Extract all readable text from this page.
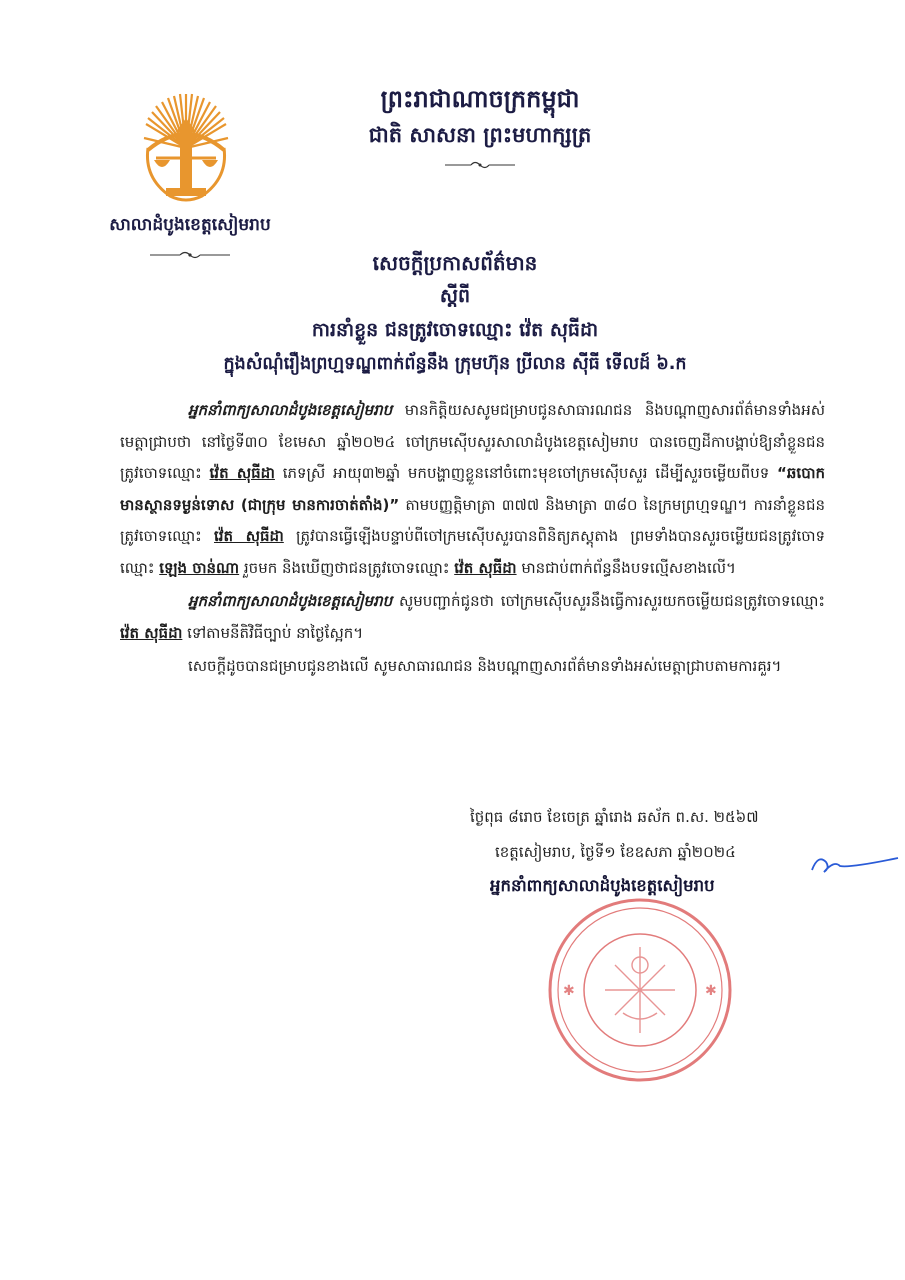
សាលាដំបូងខេត្តសៀមរាប
ព្រះរាជាណាចក្រកម្ពុជា
ជាតិ សាសនា ព្រះមហាក្សត្រ
សេចក្ដីប្រកាសព័ត៌មាន
ស្ដីពី
ការនាំខ្លួន ជនត្រូវចោទឈ្មោះ វ៉េត សុធីដា
ក្នុងសំណុំរឿងព្រហ្មទណ្ឌពាក់ព័ន្ធនឹង ក្រុមហ៊ុន ប្រីលាន ស៊ីធី ទើលដ៍ ៦.ក

អ្នកនាំពាក្យសាលាដំបូងខេត្តសៀមរាប មានកិត្តិយសសូមជម្រាបជូនសាធារណជន និងបណ្ដាញសារព័ត៌មានទាំងអស់មេត្តាជ្រាបថា នៅថ្ងៃទី៣០ ខែមេសា ឆ្នាំ២០២៤ ចៅក្រមស៊ើបសួរសាលាដំបូងខេត្តសៀមរាប បានចេញដីកាបង្គាប់ឱ្យនាំខ្លួនជនត្រូវចោទឈ្មោះ វ៉េត សុធីដា ភេទស្រី អាយុ៣២ឆ្នាំ មកបង្ហាញខ្លួននៅចំពោះមុខចៅក្រមស៊ើបសួរ ដើម្បីសួរចម្លើយពីបទ “ឆបោកមានស្ថានទម្ងន់ទោស (ជាក្រុម មានការចាត់តាំង)” តាមបញ្ញត្តិមាត្រា ៣៧៧ និងមាត្រា ៣៨០ នៃក្រមព្រហ្មទណ្ឌ។ ការនាំខ្លួនជនត្រូវចោទឈ្មោះ វ៉េត សុធីដា ត្រូវបានធ្វើឡើងបន្ទាប់ពីចៅក្រមស៊ើបសួរបានពិនិត្យភស្តុតាង ព្រមទាំងបានសួរចម្លើយជនត្រូវចោទឈ្មោះ ឡេង ចាន់ណា រួចមក និងឃើញថាជនត្រូវចោទឈ្មោះ វ៉េត សុធីដា មានជាប់ពាក់ព័ន្ធនឹងបទល្មើសខាងលើ។

អ្នកនាំពាក្យសាលាដំបូងខេត្តសៀមរាប សូមបញ្ជាក់ជូនថា ចៅក្រមស៊ើបសួរនឹងធ្វើការសួរយកចម្លើយជនត្រូវចោទឈ្មោះ វ៉េត សុធីដា ទៅតាមនីតិវិធីច្បាប់ នាថ្ងៃស្អែក។

សេចក្ដីដូចបានជម្រាបជូនខាងលើ សូមសាធារណជន និងបណ្ដាញសារព័ត៌មានទាំងអស់មេត្តាជ្រាបតាមការគួរ។

ថ្ងៃពុធ ៨រោច ខែចេត្រ ឆ្នាំរោង ឆស័ក ព.ស. ២៥៦៧
ខេត្តសៀមរាប, ថ្ងៃទី១ ខែឧសភា ឆ្នាំ២០២៤
អ្នកនាំពាក្យសាលាដំបូងខេត្តសៀមរាប
✱	✱
